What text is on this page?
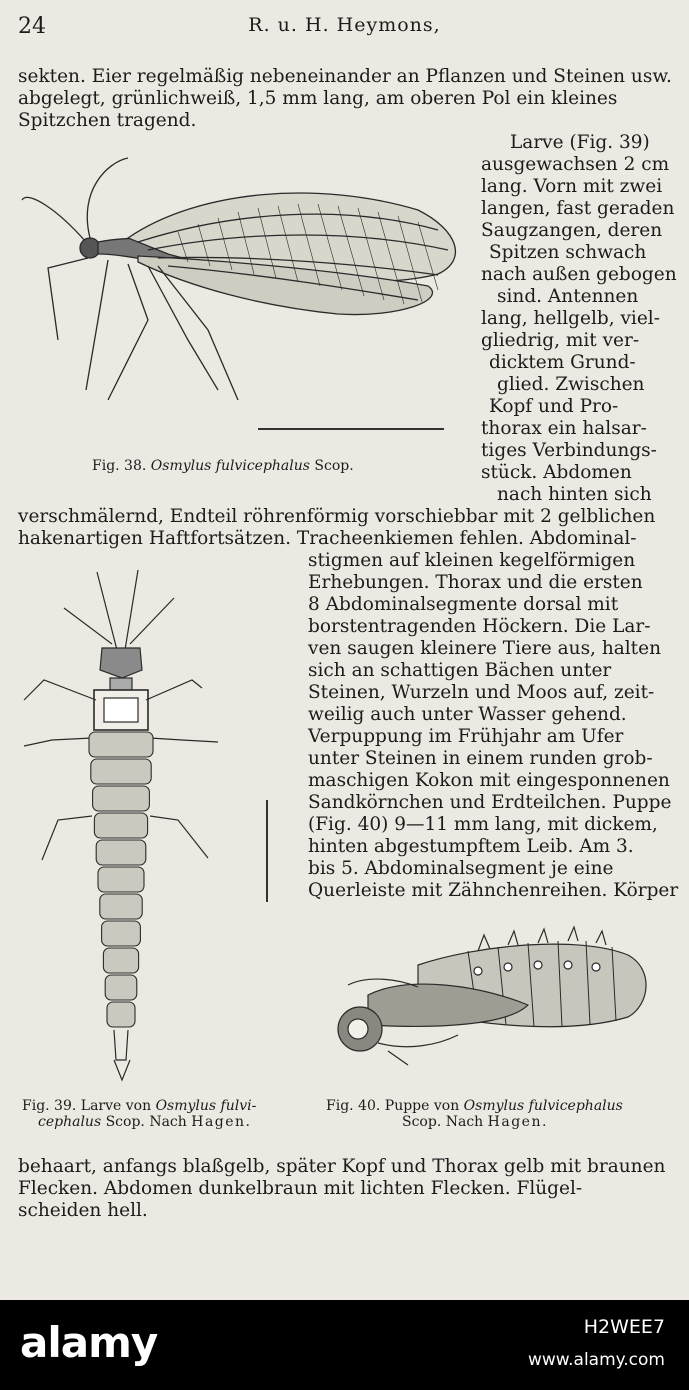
24	R. u. H. Heymons,
sekten. Eier regelmäßig nebeneinander an Pflanzen und Steinen usw.
abgelegt, grünlichweiß, 1,5 mm lang, am oberen Pol ein kleines
Spitzchen tragend.
Larve (Fig. 39)
ausgewachsen 2 cm
lang. Vorn mit zwei
langen, fast geraden
Saugzangen, deren
Spitzen schwach
nach außen gebogen
sind. Antennen
lang, hellgelb, viel-
gliedrig, mit ver-
dicktem Grund-
glied. Zwischen
Kopf und Pro-
thorax ein halsar-
tiges Verbindungs-
stück. Abdomen
nach hinten sich
verschmälernd, Endteil röhrenförmig vorschiebbar mit 2 gelblichen
hakenartigen Haftfortsätzen. Tracheenkiemen fehlen. Abdominal-
stigmen auf kleinen kegelförmigen
Erhebungen. Thorax und die ersten
8 Abdominalsegmente dorsal mit
borstentragenden Höckern. Die Lar-
ven saugen kleinere Tiere aus, halten
sich an schattigen Bächen unter
Steinen, Wurzeln und Moos auf, zeit-
weilig auch unter Wasser gehend.
Verpuppung im Frühjahr am Ufer
unter Steinen in einem runden grob-
maschigen Kokon mit eingesponnenen
Sandkörnchen und Erdteilchen. Puppe
(Fig. 40) 9—11 mm lang, mit dickem,
hinten abgestumpftem Leib. Am 3.
bis 5. Abdominalsegment je eine
Querleiste mit Zähnchenreihen. Körper
behaart, anfangs blaßgelb, später Kopf und Thorax gelb mit braunen
Flecken. Abdomen dunkelbraun mit lichten Flecken. Flügel-
scheiden hell.
Fig. 38. Osmylus fulvicephalus Scop.
Fig. 39. Larve von Osmylus fulvi-
cephalus Scop. Nach Hagen.
Fig. 40. Puppe von Osmylus fulvicephalus
Scop. Nach Hagen.
alamy	H2WEE7
www.alamy.com
